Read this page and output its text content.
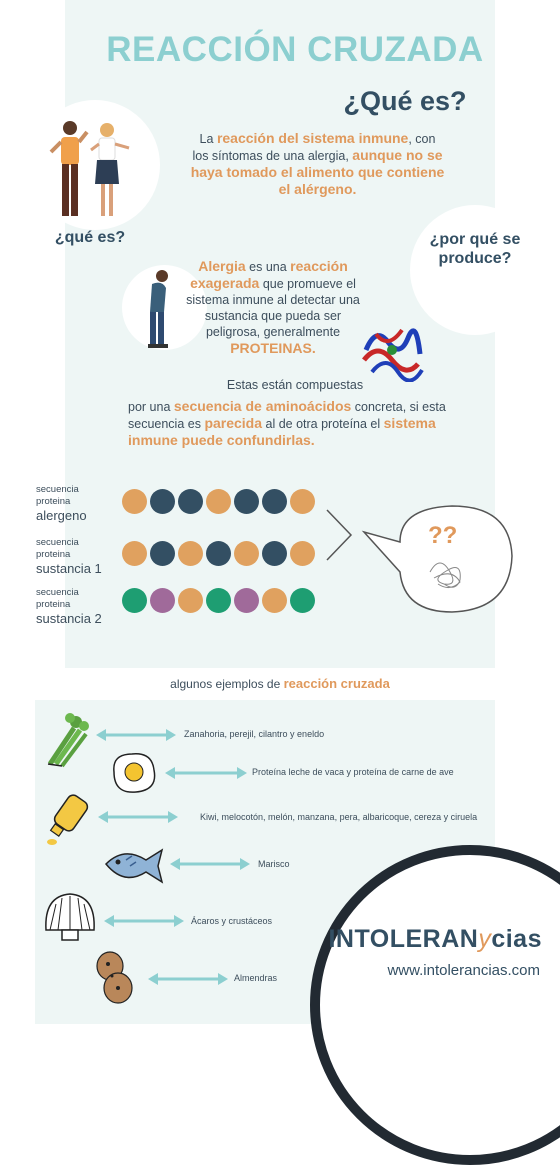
REACCIÓN CRUZADA
¿Qué es?
¿qué es?
La reacción del sistema inmune, con los síntomas de una alergia, aunque no se haya tomado el alimento que contiene el alérgeno.
¿por qué se produce?
Alergia es una reacción exagerada que promueve el sistema inmune al detectar una sustancia que pueda ser peligrosa, generalmente PROTEINAS.
Estas están compuestas
por una secuencia de aminoácidos concreta, si esta secuencia es parecida al de otra proteína el sistema inmune puede confundirlas.
secuencia
proteina
alergeno
secuencia
proteina
sustancia 1
secuencia
proteina
sustancia 2
??
algunos ejemplos de reacción cruzada
Zanahoria, perejil, cilantro y eneldo
Proteína leche de vaca y proteína de carne de ave
Kiwi, melocotón, melón, manzana, pera, albaricoque, cereza y ciruela
Marisco
Ácaros y crustáceos
Almendras
INTOLERANycias
www.intolerancias.com
